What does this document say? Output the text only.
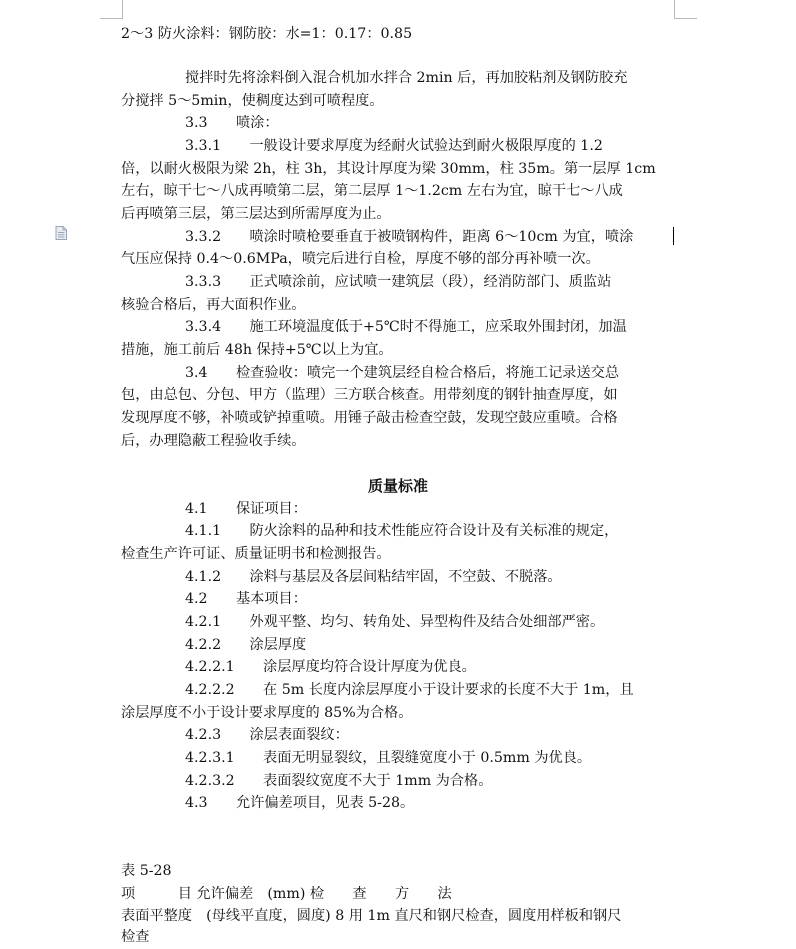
2～3 防火涂料：钢防胶：水=1：0.17：0.85
搅拌时先将涂料倒入混合机加水拌合 2min 后，再加胶粘剂及钢防胶充
分搅拌 5～5min，使稠度达到可喷程度。
3.3　　喷涂：
3.3.1　　一般设计要求厚度为经耐火试验达到耐火极限厚度的 1.2
倍，以耐火极限为梁 2h，柱 3h，其设计厚度为梁 30mm，柱 35m。第一层厚 1cm
左右，晾干七～八成再喷第二层，第二层厚 1～1.2cm 左右为宜，晾干七～八成
后再喷第三层，第三层达到所需厚度为止。
3.3.2　　喷涂时喷枪要垂直于被喷钢构件，距离 6～10cm 为宜，喷涂
气压应保持 0.4～0.6MPa，喷完后进行自检，厚度不够的部分再补喷一次。
3.3.3　　正式喷涂前，应试喷一建筑层（段），经消防部门、质监站
核验合格后，再大面积作业。
3.3.4　　施工环境温度低于+5℃时不得施工，应采取外围封闭，加温
措施，施工前后 48h 保持+5℃以上为宜。
3.4　　检查验收：喷完一个建筑层经自检合格后，将施工记录送交总
包，由总包、分包、甲方（监理）三方联合核查。用带刻度的钢针抽查厚度，如
发现厚度不够，补喷或铲掉重喷。用锤子敲击检查空鼓，发现空鼓应重喷。合格
后，办理隐蔽工程验收手续。
质量标准
4.1　　保证项目：
4.1.1　　防火涂料的品种和技术性能应符合设计及有关标准的规定，
检查生产许可证、质量证明书和检测报告。
4.1.2　　涂料与基层及各层间粘结牢固，不空鼓、不脱落。
4.2　　基本项目：
4.2.1　　外观平整、均匀、转角处、异型构件及结合处细部严密。
4.2.2　　涂层厚度
4.2.2.1　　涂层厚度均符合设计厚度为优良。
4.2.2.2　　在 5m 长度内涂层厚度小于设计要求的长度不大于 1m，且
涂层厚度不小于设计要求厚度的 85%为合格。
4.2.3　　涂层表面裂纹：
4.2.3.1　　表面无明显裂纹，且裂缝宽度小于 0.5mm 为优良。
4.2.3.2　　表面裂纹宽度不大于 1mm 为合格。
4.3　　允许偏差项目，见表 5-28。
表 5-28
项　　　目 允许偏差　(mm) 检　　查　　方　　法
表面平整度　(母线平直度，圆度) 8 用 1m 直尺和钢尺检查，圆度用样板和钢尺
检查
